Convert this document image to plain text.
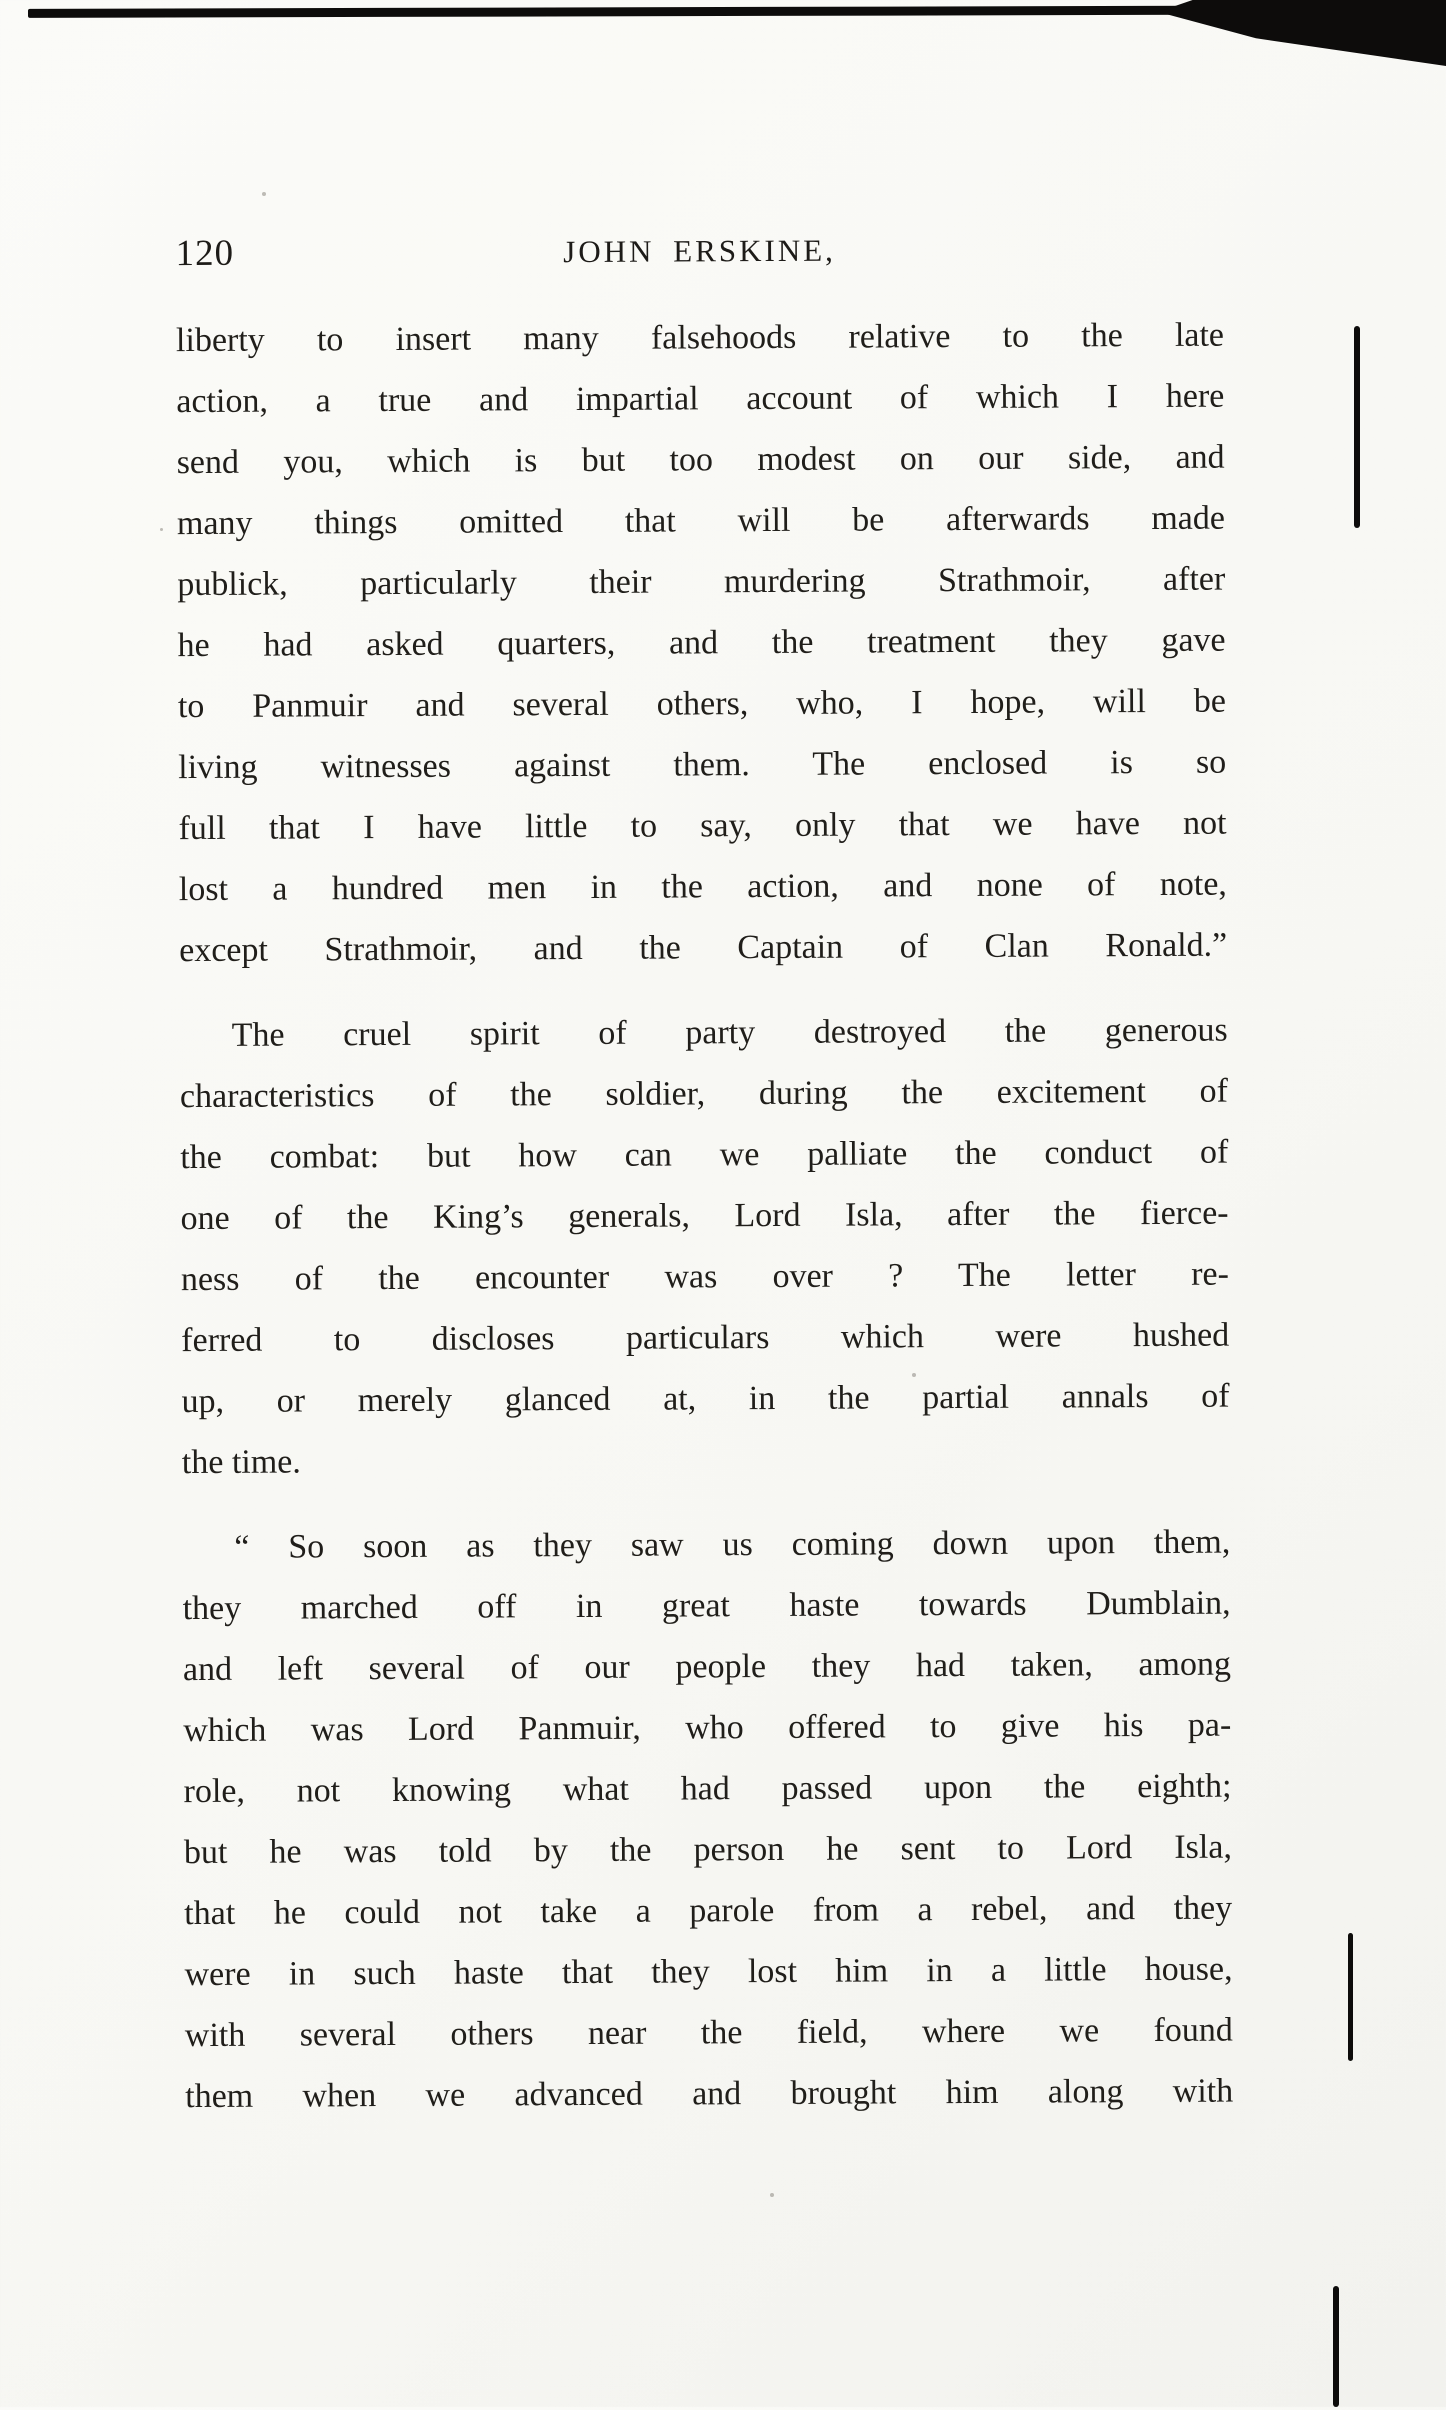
120	JOHN ERSKINE,
liberty to insert many falsehoods relative to the late
action, a true and impartial account of which I here
send you, which is but too modest on our side, and
many things omitted that will be afterwards made
publick, particularly their murdering Strathmoir, after
he had asked quarters, and the treatment they gave
to Panmuir and several others, who, I hope, will be
living witnesses against them. The enclosed is so
full that I have little to say, only that we have not
lost a hundred men in the action, and none of note,
except Strathmoir, and the Captain of Clan Ronald.”
The cruel spirit of party destroyed the generous
characteristics of the soldier, during the excitement of
the combat: but how can we palliate the conduct of
one of the King’s generals, Lord Isla, after the fierce-
ness of the encounter was over ? The letter re-
ferred to discloses particulars which were hushed
up, or merely glanced at, in the partial annals of
the time.
“ So soon as they saw us coming down upon them,
they marched off in great haste towards Dumblain,
and left several of our people they had taken, among
which was Lord Panmuir, who offered to give his pa-
role, not knowing what had passed upon the eighth;
but he was told by the person he sent to Lord Isla,
that he could not take a parole from a rebel, and they
were in such haste that they lost him in a little house,
with several others near the field, where we found
them when we advanced and brought him along with
